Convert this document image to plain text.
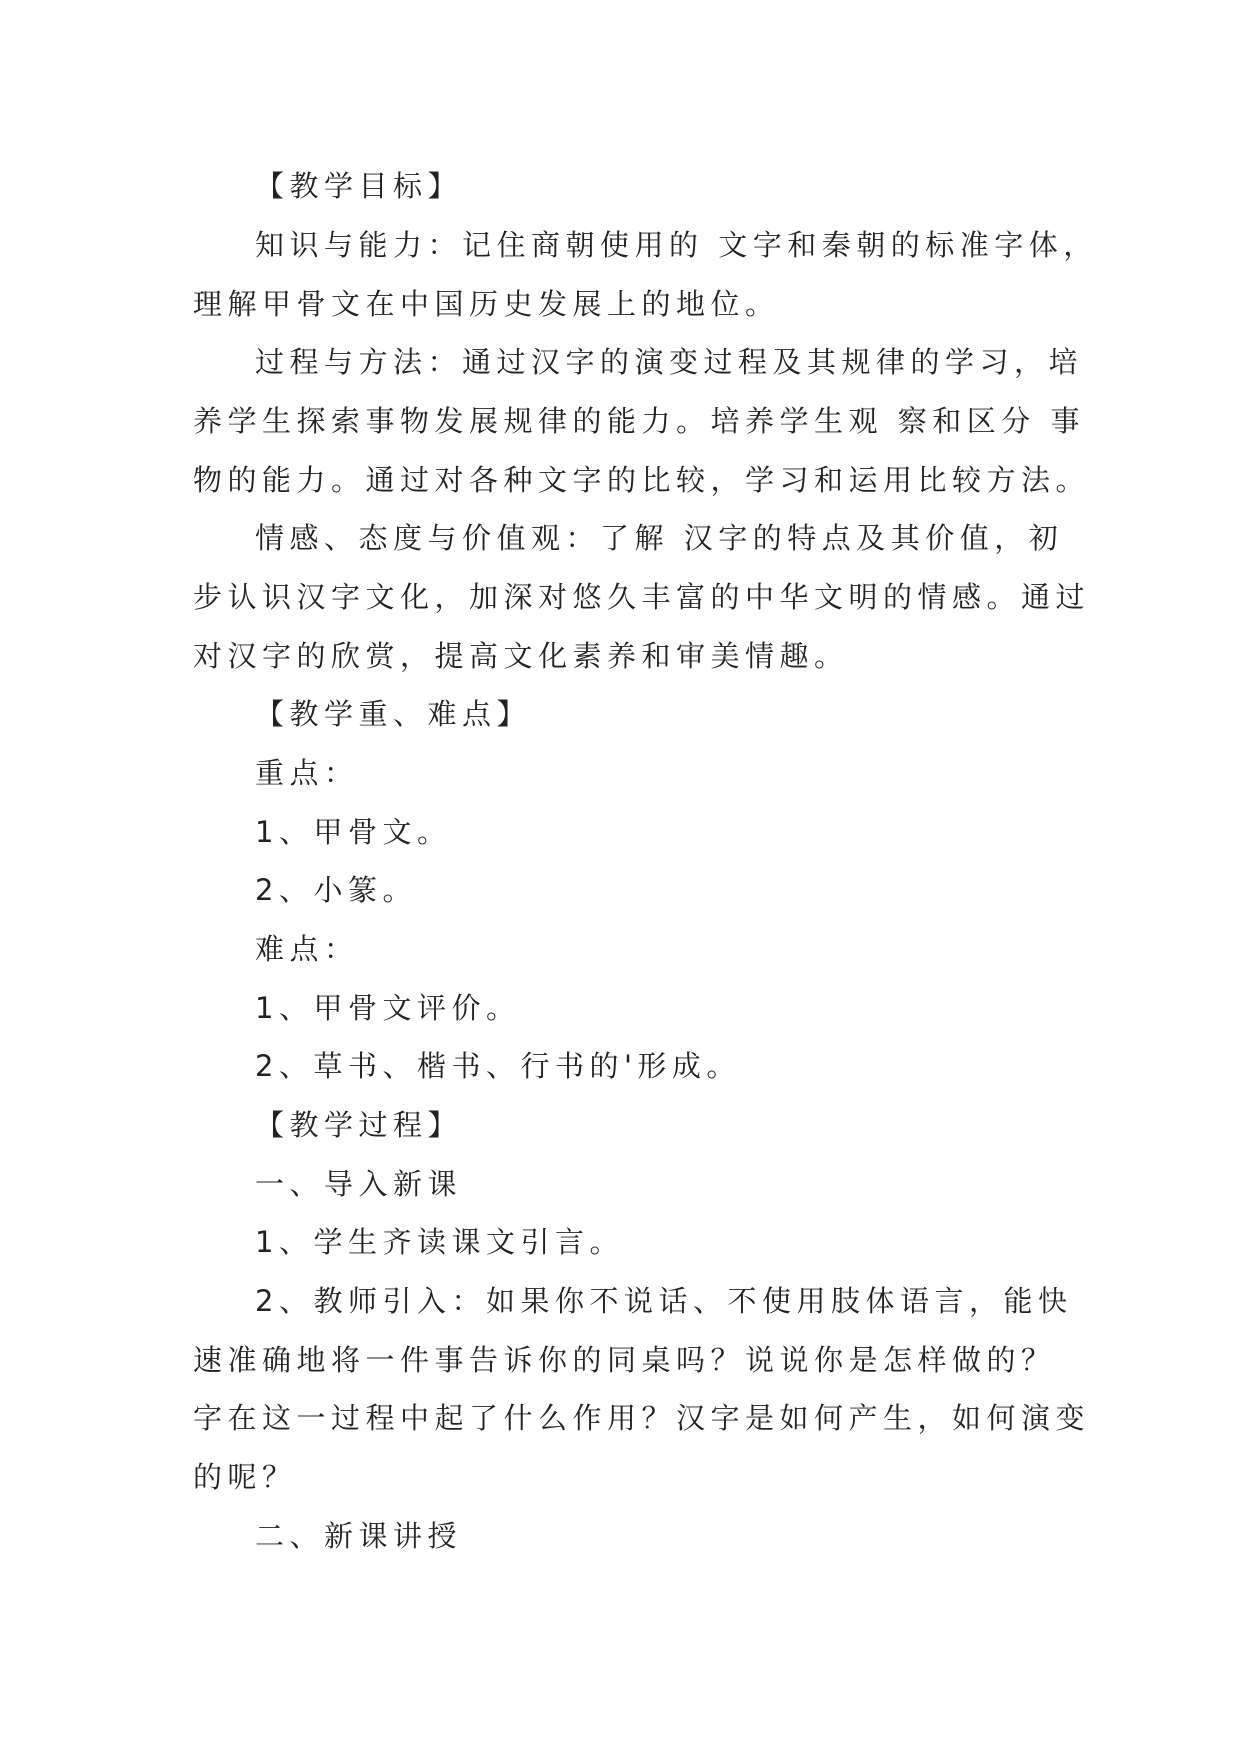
【教学目标】
知识与能力：记住商朝使用的 文字和秦朝的标准字体，
理解甲骨文在中国历史发展上的地位。
过程与方法：通过汉字的演变过程及其规律的学习，培
养学生探索事物发展规律的能力。培养学生观 察和区分 事
物的能力。通过对各种文字的比较，学习和运用比较方法。
情感、态度与价值观：了解 汉字的特点及其价值，初
步认识汉字文化，加深对悠久丰富的中华文明的情感。通过
对汉字的欣赏，提高文化素养和审美情趣。
【教学重、难点】
重点：
1、甲骨文。
2、小篆。
难点：
1、甲骨文评价。
2、草书、楷书、行书的'形成。
【教学过程】
一、导入新课
1、学生齐读课文引言。
2、教师引入：如果你不说话、不使用肢体语言，能快
速准确地将一件事告诉你的同桌吗？说说你是怎样做的？
字在这一过程中起了什么作用？汉字是如何产生，如何演变
的呢？
二、新课讲授
